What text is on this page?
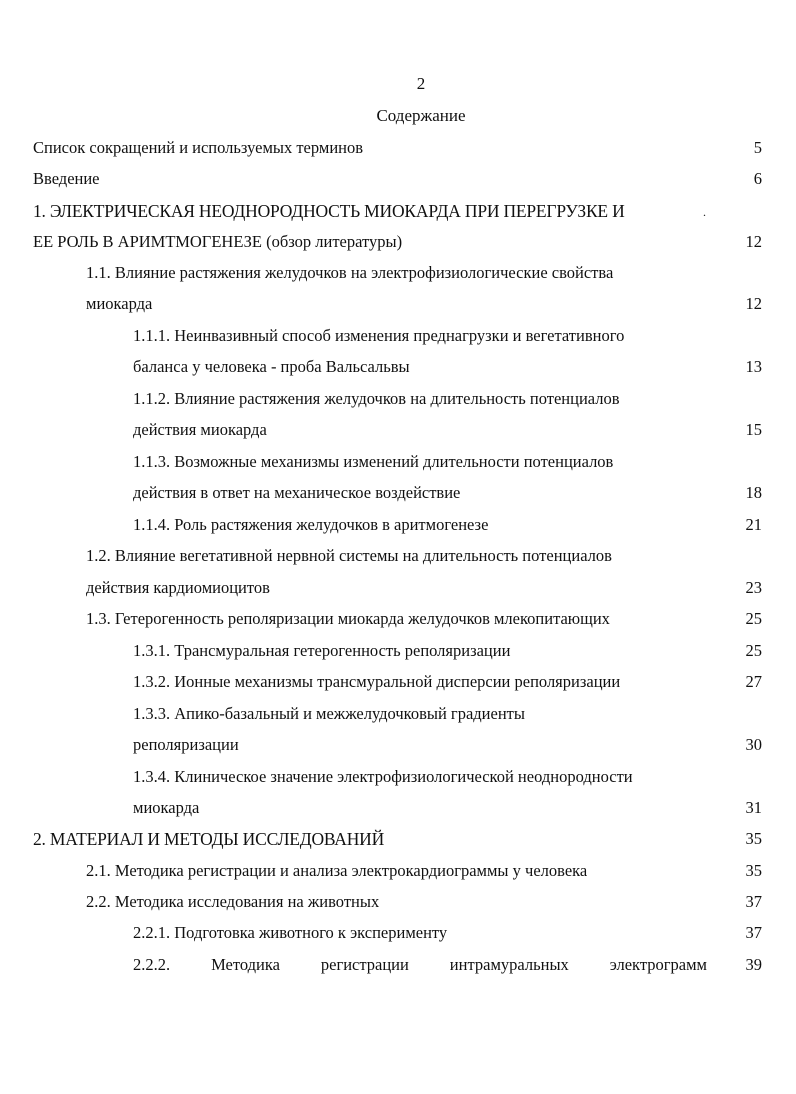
2
Содержание
Список сокращений и используемых терминов	5
Введение	6
1. ЭЛЕКТРИЧЕСКАЯ НЕОДНОРОДНОСТЬ МИОКАРДА ПРИ ПЕРЕГРУЗКЕ И	.
ЕЕ РОЛЬ В АРИМТМОГЕНЕЗЕ (обзор литературы)	12
1.1. Влияние растяжения желудочков на электрофизиологические свойства
миокарда	12
1.1.1. Неинвазивный способ изменения преднагрузки и вегетативного
баланса у человека - проба Вальсальвы	13
1.1.2. Влияние растяжения желудочков на длительность потенциалов
действия миокарда	15
1.1.3. Возможные механизмы изменений длительности потенциалов
действия в ответ на механическое воздействие	18
1.1.4. Роль растяжения желудочков в аритмогенезе	21
1.2. Влияние вегетативной нервной системы на длительность потенциалов
действия кардиомиоцитов	23
1.3. Гетерогенность реполяризации миокарда желудочков млекопитающих	25
1.3.1. Трансмуральная гетерогенность реполяризации	25
1.3.2. Ионные механизмы трансмуральной дисперсии реполяризации	27
1.3.3. Апико-базальный и межжелудочковый градиенты
реполяризации	30
1.3.4. Клиническое значение электрофизиологической неоднородности
миокарда	31
2. МАТЕРИАЛ И МЕТОДЫ ИССЛЕДОВАНИЙ	35
2.1. Методика регистрации и анализа электрокардиограммы у человека	35
2.2. Методика исследования на животных	37
2.2.1. Подготовка животного к эксперименту	37
2.2.2. Методика регистрации интрамуральных электрограмм	39
